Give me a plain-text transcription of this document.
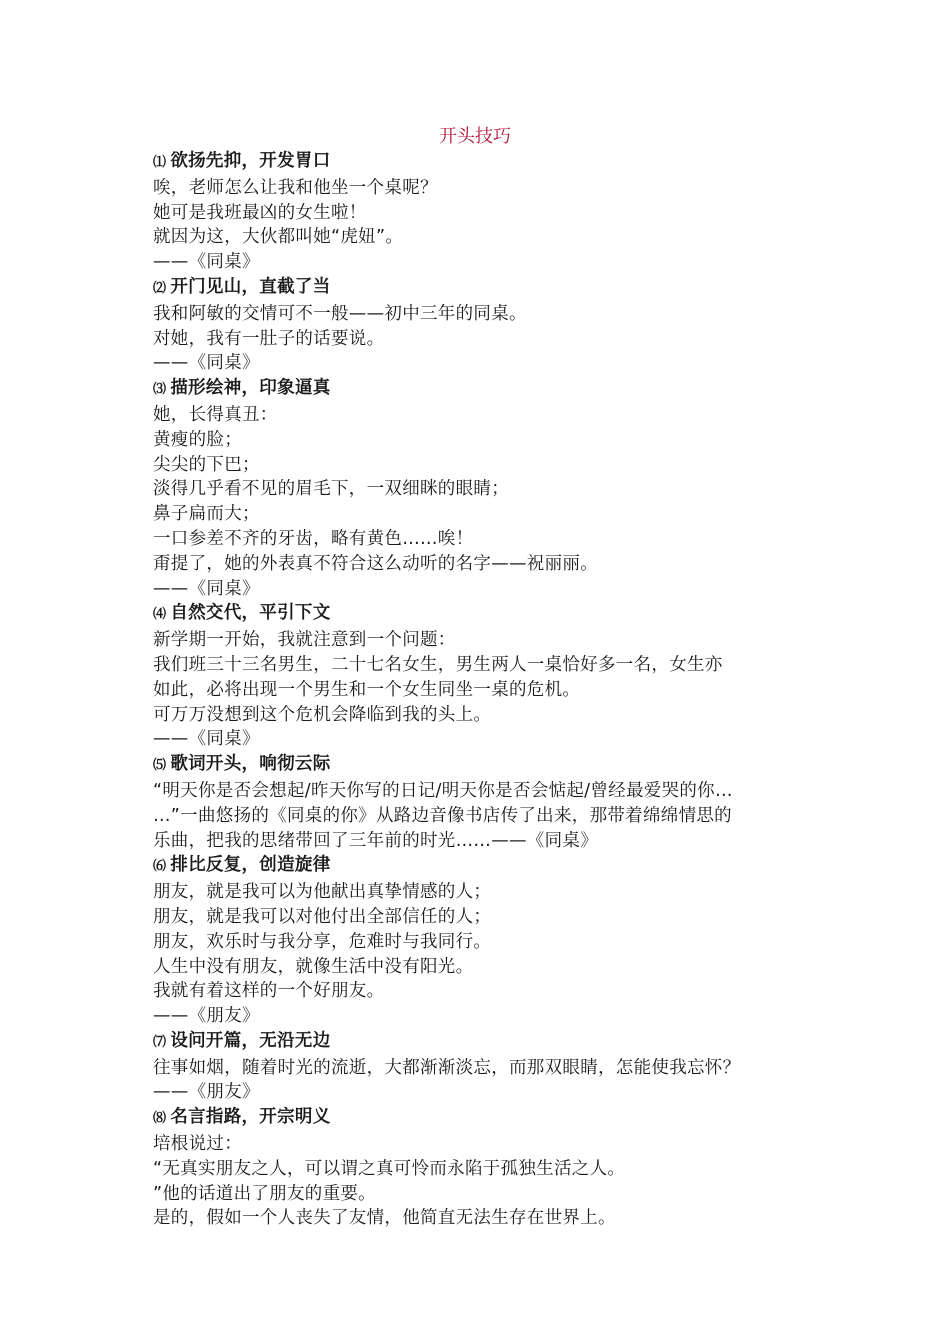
开头技巧
⑴ 欲扬先抑，开发胃口
唉，老师怎么让我和他坐一个桌呢？
她可是我班最凶的女生啦！
就因为这，大伙都叫她“虎妞”。
——《同桌》
⑵ 开门见山，直截了当
我和阿敏的交情可不一般——初中三年的同桌。
对她，我有一肚子的话要说。
——《同桌》
⑶ 描形绘神，印象逼真
她，长得真丑：
黄瘦的脸；
尖尖的下巴；
淡得几乎看不见的眉毛下，一双细眯的眼睛；
鼻子扁而大；
一口参差不齐的牙齿，略有黄色……唉！
甭提了，她的外表真不符合这么动听的名字——祝丽丽。
——《同桌》
⑷ 自然交代，平引下文
新学期一开始，我就注意到一个问题：
我们班三十三名男生，二十七名女生，男生两人一桌恰好多一名，女生亦
如此，必将出现一个男生和一个女生同坐一桌的危机。
可万万没想到这个危机会降临到我的头上。
——《同桌》
⑸ 歌词开头，响彻云际
“明天你是否会想起/昨天你写的日记/明天你是否会惦起/曾经最爱哭的你…
…”一曲悠扬的《同桌的你》从路边音像书店传了出来，那带着绵绵情思的
乐曲，把我的思绪带回了三年前的时光……——《同桌》
⑹ 排比反复，创造旋律
朋友，就是我可以为他献出真挚情感的人；
朋友，就是我可以对他付出全部信任的人；
朋友，欢乐时与我分享，危难时与我同行。
人生中没有朋友，就像生活中没有阳光。
我就有着这样的一个好朋友。
——《朋友》
⑺ 设问开篇，无沿无边
往事如烟，随着时光的流逝，大都渐渐淡忘，而那双眼睛，怎能使我忘怀？
——《朋友》
⑻ 名言指路，开宗明义
培根说过：
“无真实朋友之人，可以谓之真可怜而永陷于孤独生活之人。
”他的话道出了朋友的重要。
是的，假如一个人丧失了友情，他简直无法生存在世界上。
